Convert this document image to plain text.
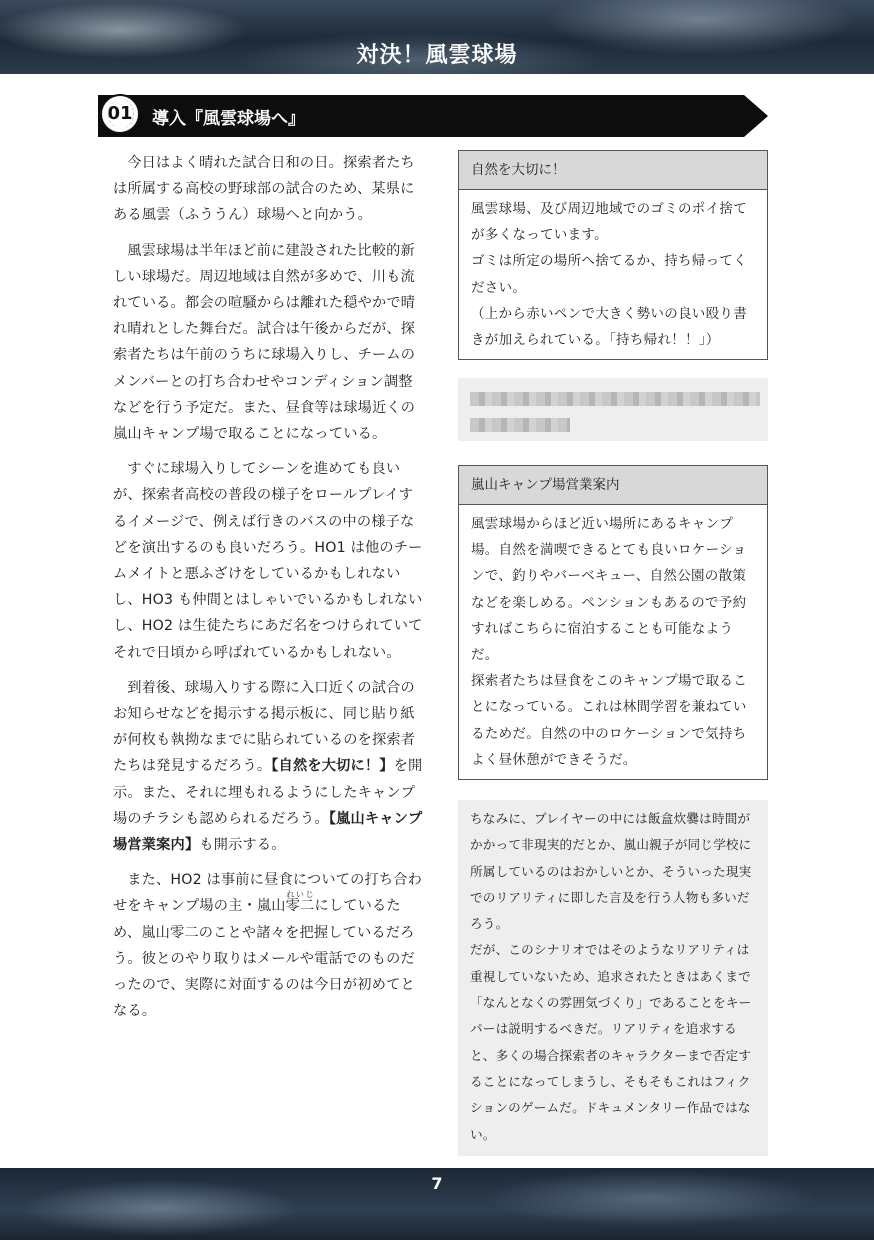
対決！風雲球場
01	導入『風雲球場へ』

今日はよく晴れた試合日和の日。探索者たちは所属する高校の野球部の試合のため、某県にある風雲（ふううん）球場へと向かう。

風雲球場は半年ほど前に建設された比較的新しい球場だ。周辺地域は自然が多めで、川も流れている。都会の喧騒からは離れた穏やかで晴れ晴れとした舞台だ。試合は午後からだが、探索者たちは午前のうちに球場入りし、チームのメンバーとの打ち合わせやコンディション調整などを行う予定だ。また、昼食等は球場近くの嵐山キャンプ場で取ることになっている。

すぐに球場入りしてシーンを進めても良いが、探索者高校の普段の様子をロールプレイするイメージで、例えば行きのバスの中の様子などを演出するのも良いだろう。HO1 は他のチームメイトと悪ふざけをしているかもしれないし、HO3 も仲間とはしゃいでいるかもしれないし、HO2 は生徒たちにあだ名をつけられていてそれで日頃から呼ばれているかもしれない。

到着後、球場入りする際に入口近くの試合のお知らせなどを掲示する掲示板に、同じ貼り紙が何枚も執拗なまでに貼られているのを探索者たちは発見するだろう。【自然を大切に！】を開示。また、それに埋もれるようにしたキャンプ場のチラシも認められるだろう。【嵐山キャンプ場営業案内】も開示する。

また、HO2 は事前に昼食についての打ち合わせをキャンプ場の主・嵐山零二れいじにしているため、嵐山零二のことや諸々を把握しているだろう。彼とのやり取りはメールや電話でのものだったので、実際に対面するのは今日が初めてとなる。

自然を大切に！

風雲球場、及び周辺地域でのゴミのポイ捨てが多くなっています。

ゴミは所定の場所へ捨てるか、持ち帰ってください。

（上から赤いペンで大きく勢いの良い殴り書きが加えられている。「持ち帰れ！！」）

嵐山キャンプ場営業案内

風雲球場からほど近い場所にあるキャンプ場。自然を満喫できるとても良いロケーションで、釣りやバーベキュー、自然公園の散策などを楽しめる。ペンションもあるので予約すればこちらに宿泊することも可能なようだ。

探索者たちは昼食をこのキャンプ場で取ることになっている。これは林間学習を兼ねているためだ。自然の中のロケーションで気持ちよく昼休憩ができそうだ。

ちなみに、プレイヤーの中には飯盒炊爨は時間がかかって非現実的だとか、嵐山親子が同じ学校に所属しているのはおかしいとか、そういった現実でのリアリティに即した言及を行う人物も多いだろう。

だが、このシナリオではそのようなリアリティは重視していないため、追求されたときはあくまで「なんとなくの雰囲気づくり」であることをキーパーは説明するべきだ。リアリティを追求すると、多くの場合探索者のキャラクターまで否定することになってしまうし、そもそもこれはフィクションのゲームだ。ドキュメンタリー作品ではない。

7
